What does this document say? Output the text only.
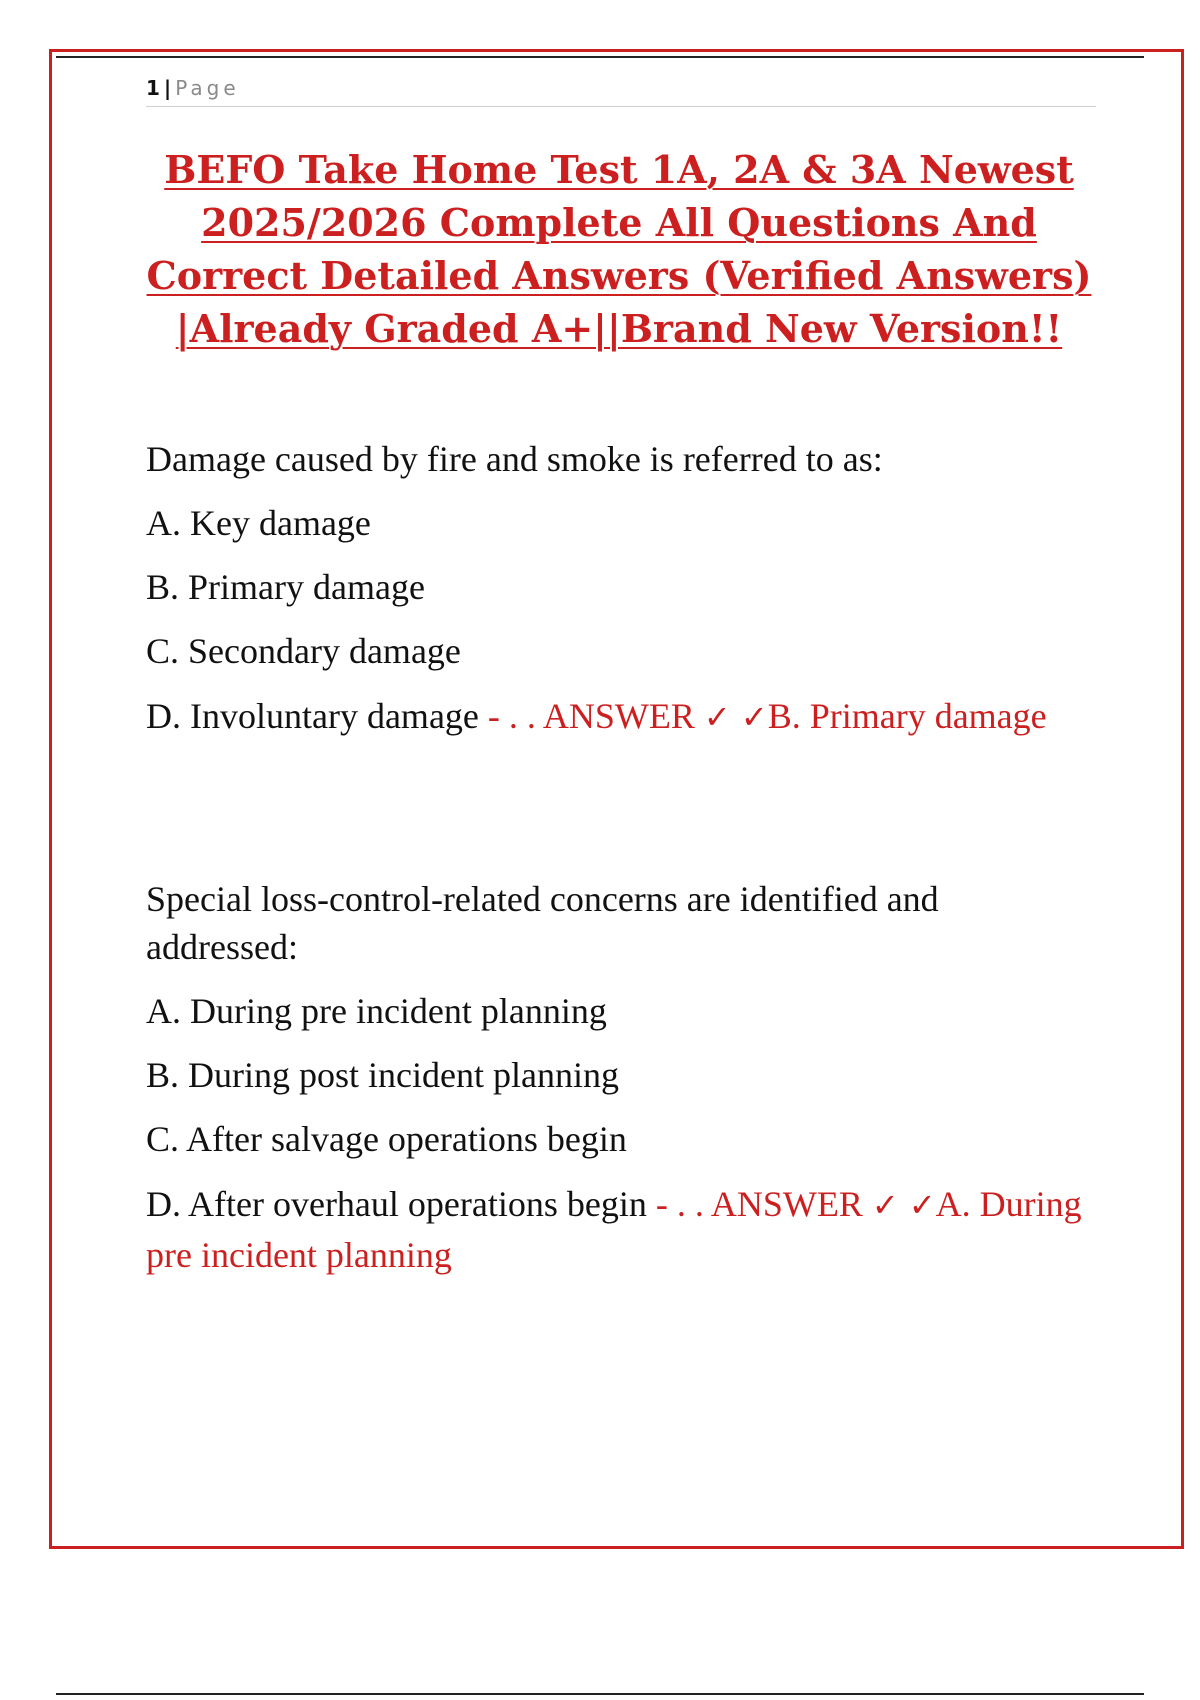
1 | Page
BEFO Take Home Test 1A, 2A & 3A Newest 2025/2026 Complete All Questions And Correct Detailed Answers (Verified Answers) |Already Graded A+||Brand New Version!!

Damage caused by fire and smoke is referred to as:

A. Key damage

B. Primary damage

C. Secondary damage

D. Involuntary damage - . . ANSWER ✓ ✓B. Primary damage

Special loss-control-related concerns are identified and addressed:

A. During pre incident planning

B. During post incident planning

C. After salvage operations begin

D. After overhaul operations begin - . . ANSWER ✓ ✓A. During pre incident planning
